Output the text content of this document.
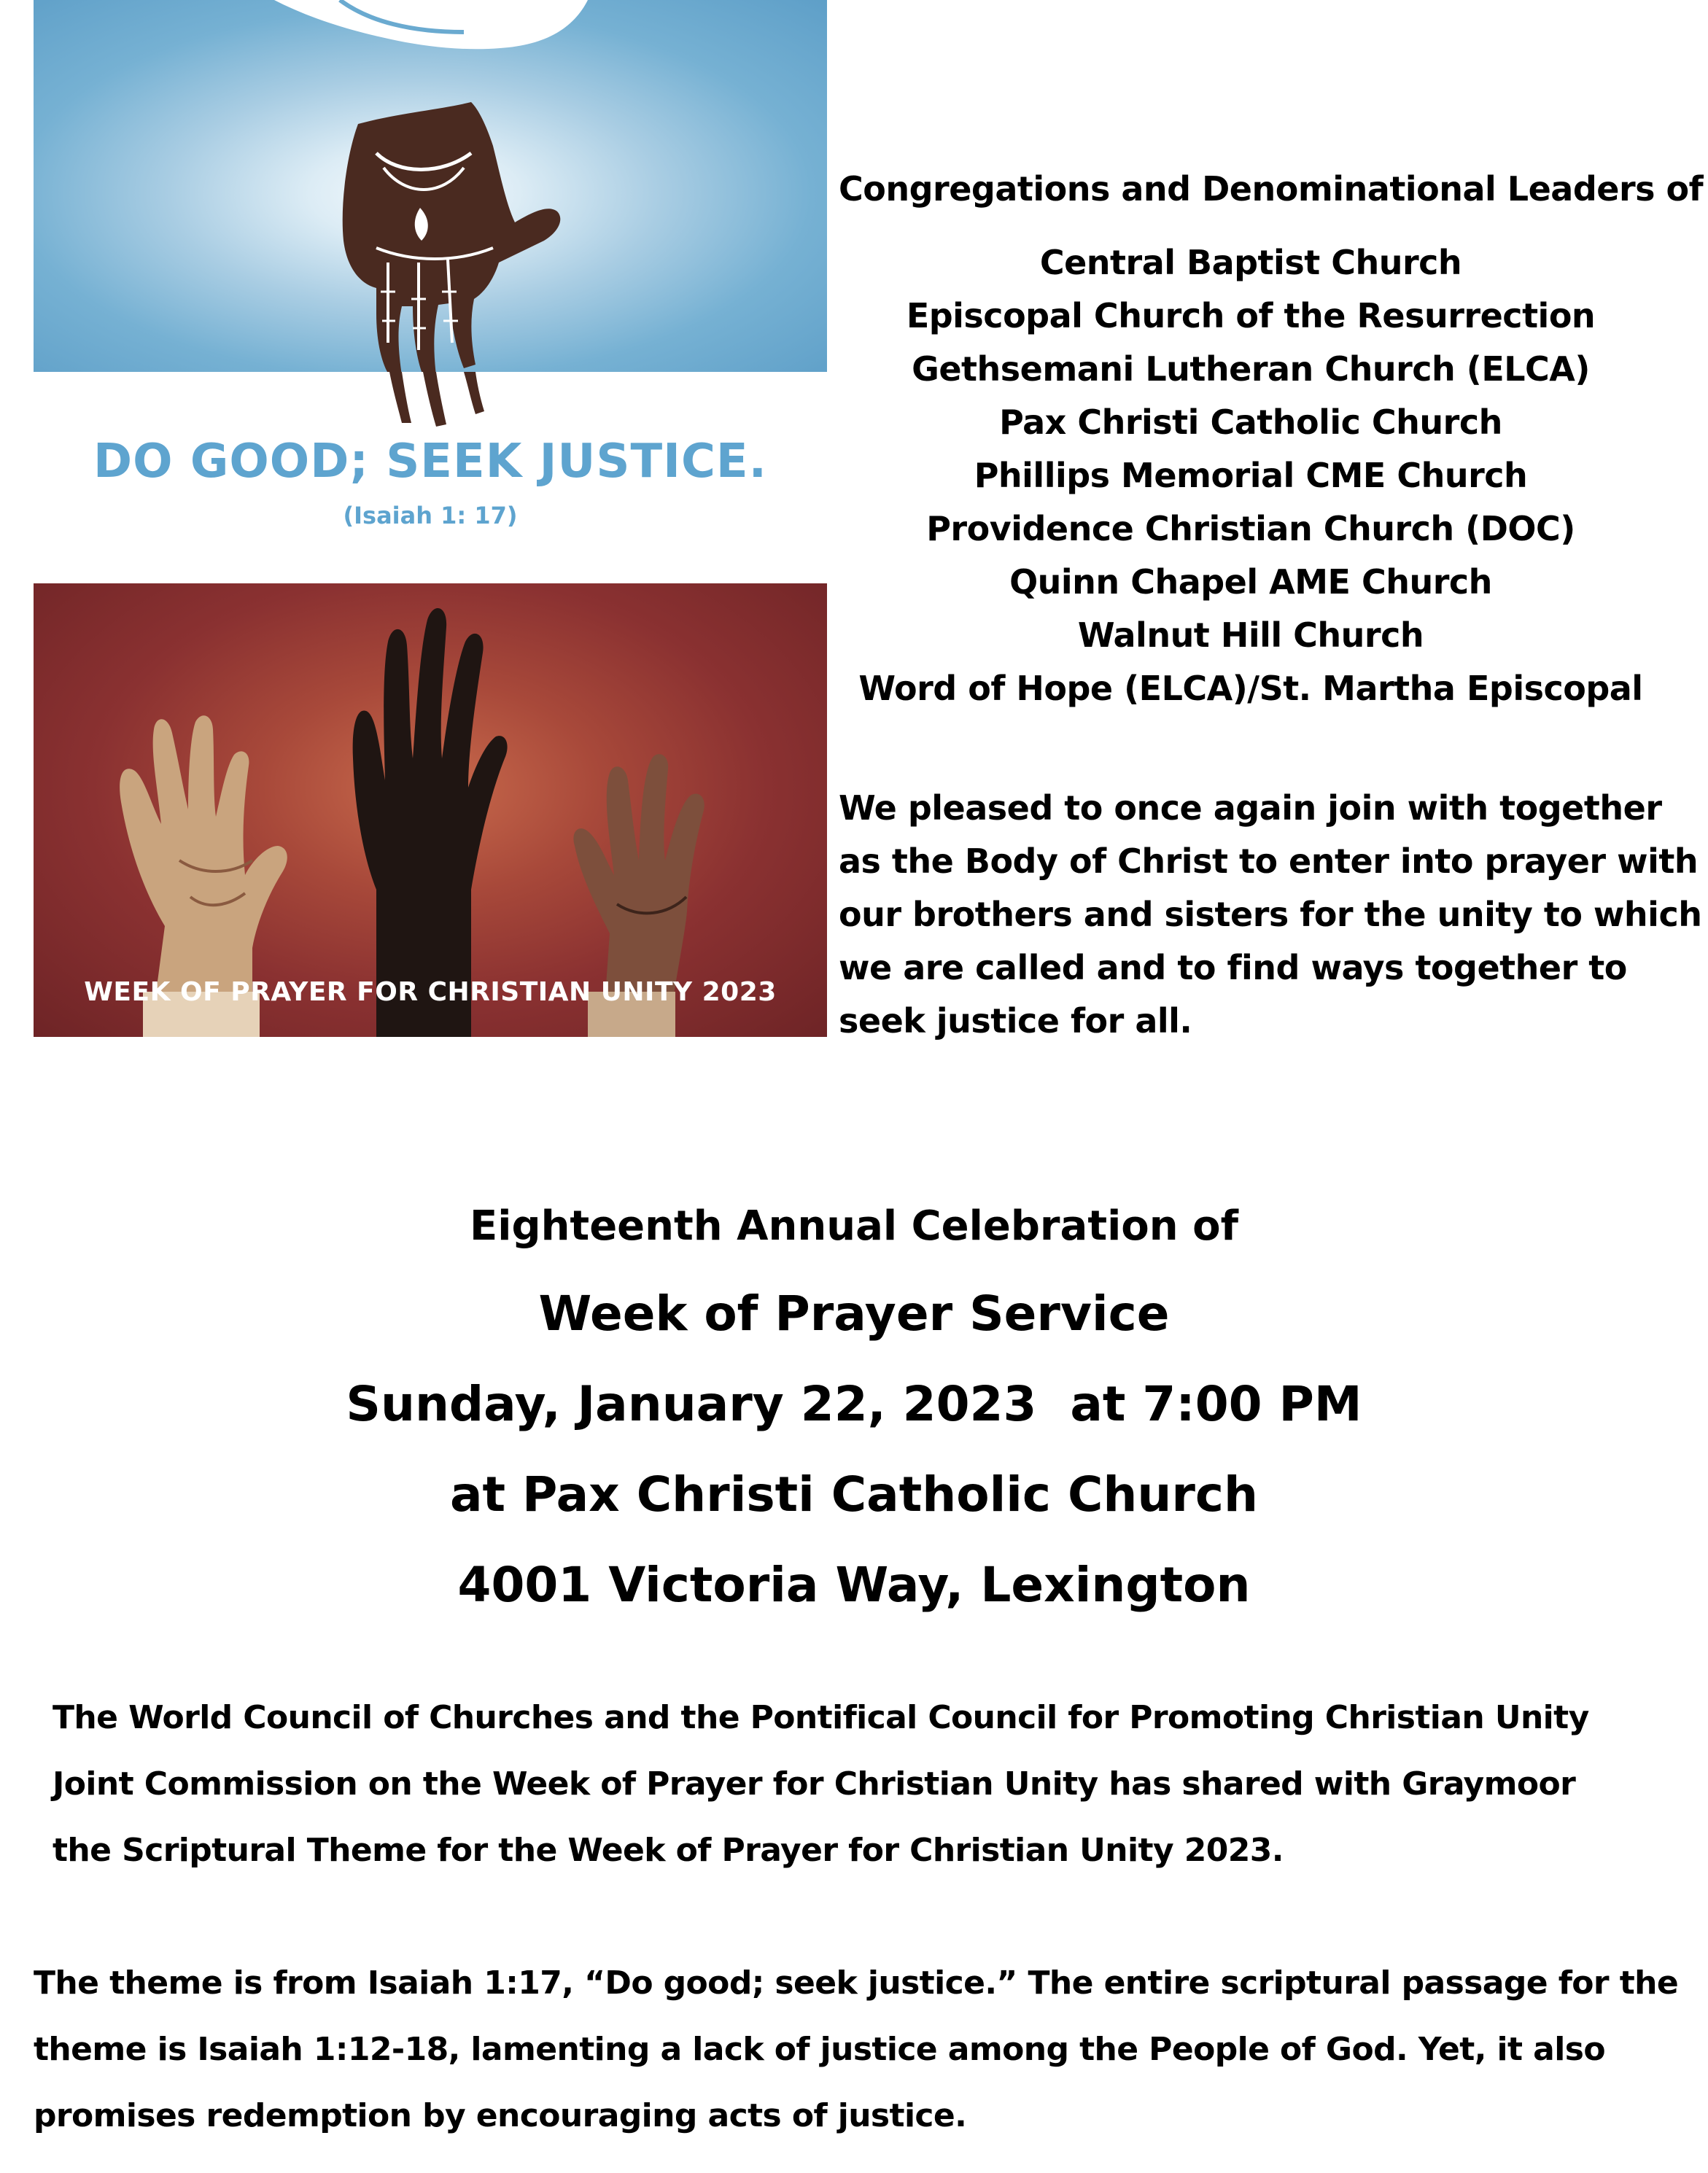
DO GOOD; SEEK JUSTICE.
(Isaiah 1: 17)
WEEK OF PRAYER FOR CHRISTIAN UNITY 2023
Congregations and Denominational Leaders of
Central Baptist Church
Episcopal Church of the Resurrection
Gethsemani Lutheran Church (ELCA)
Pax Christi Catholic Church
Phillips Memorial CME Church
Providence Christian Church (DOC)
Quinn Chapel AME Church
Walnut Hill Church
Word of Hope (ELCA)/St. Martha Episcopal
We pleased to once again join with together
as the Body of Christ to enter into prayer with
our brothers and sisters for the unity to which
we are called and to find ways together to
seek justice for all.
Eighteenth Annual Celebration of
Week of Prayer Service
Sunday, January 22, 2023  at 7:00 PM
at Pax Christi Catholic Church
4001 Victoria Way, Lexington
The World Council of Churches and the Pontifical Council for Promoting Christian Unity
Joint Commission on the Week of Prayer for Christian Unity has shared with Graymoor
the Scriptural Theme for the Week of Prayer for Christian Unity 2023.
The theme is from Isaiah 1:17, “Do good; seek justice.” The entire scriptural passage for the
theme is Isaiah 1:12-18, lamenting a lack of justice among the People of God. Yet, it also
promises redemption by encouraging acts of justice.
